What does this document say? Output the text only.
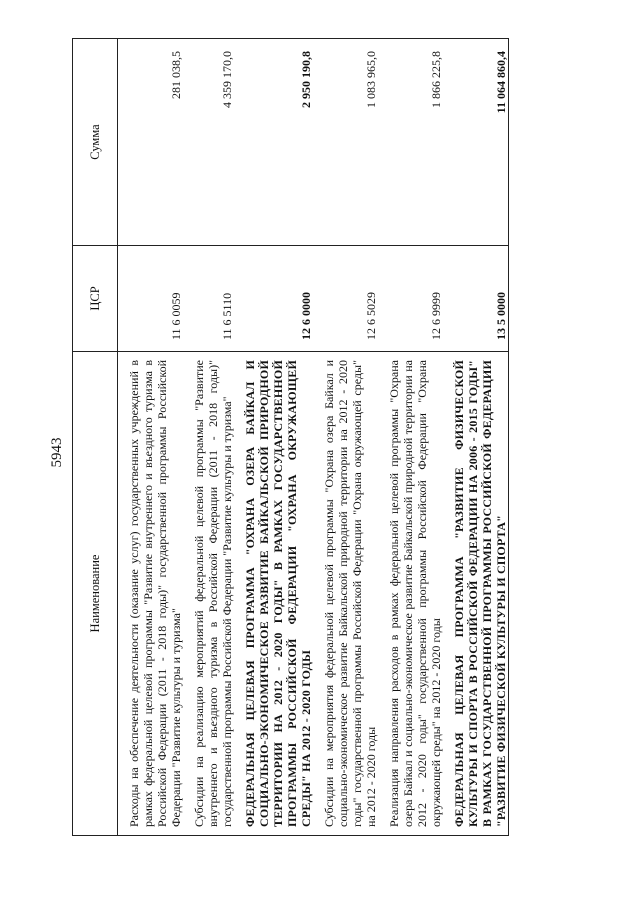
5943
Наименование	ЦСР	Сумма
Расходы на обеспечение деятельности (оказание услуг) государственных учреждений в рамках федеральной целевой программы "Развитие внутреннего и въездного туризма в Российской Федерации (2011 - 2018 годы)" государственной программы Российской Федерации "Развитие культуры и туризма"	11 6 0059	281 038,5
Субсидии на реализацию мероприятий федеральной целевой программы "Развитие внутреннего и въездного туризма в Российской Федерации (2011 - 2018 годы)" государственной программы Российской Федерации "Развитие культуры и туризма"	11 6 5110	4 359 170,0
ФЕДЕРАЛЬНАЯ ЦЕЛЕВАЯ ПРОГРАММА "ОХРАНА ОЗЕРА БАЙКАЛ И СОЦИАЛЬНО-ЭКОНОМИЧЕСКОЕ РАЗВИТИЕ БАЙКАЛЬСКОЙ ПРИРОДНОЙ ТЕРРИТОРИИ НА 2012 - 2020 ГОДЫ" В РАМКАХ ГОСУДАРСТВЕННОЙ ПРОГРАММЫ РОССИЙСКОЙ ФЕДЕРАЦИИ "ОХРАНА ОКРУЖАЮЩЕЙ СРЕДЫ" НА 2012 - 2020 ГОДЫ	12 6 0000	2 950 190,8
Субсидии на мероприятия федеральной целевой программы "Охрана озера Байкал и социально-экономическое развитие Байкальской природной территории на 2012 - 2020 годы" государственной программы Российской Федерации "Охрана окружающей среды" на 2012 - 2020 годы	12 6 5029	1 083 965,0
Реализация направления расходов в рамках федеральной целевой программы "Охрана озера Байкал и социально-экономическое развитие Байкальской природной территории на 2012 - 2020 годы" государственной программы Российской Федерации "Охрана окружающей среды" на 2012 - 2020 годы	12 6 9999	1 866 225,8
ФЕДЕРАЛЬНАЯ ЦЕЛЕВАЯ ПРОГРАММА "РАЗВИТИЕ ФИЗИЧЕСКОЙ КУЛЬТУРЫ И СПОРТА В РОССИЙСКОЙ ФЕДЕРАЦИИ НА 2006 - 2015 ГОДЫ" В РАМКАХ ГОСУДАРСТВЕННОЙ ПРОГРАММЫ РОССИЙСКОЙ ФЕДЕРАЦИИ "РАЗВИТИЕ ФИЗИЧЕСКОЙ КУЛЬТУРЫ И СПОРТА"	13 5 0000	11 064 860,4
